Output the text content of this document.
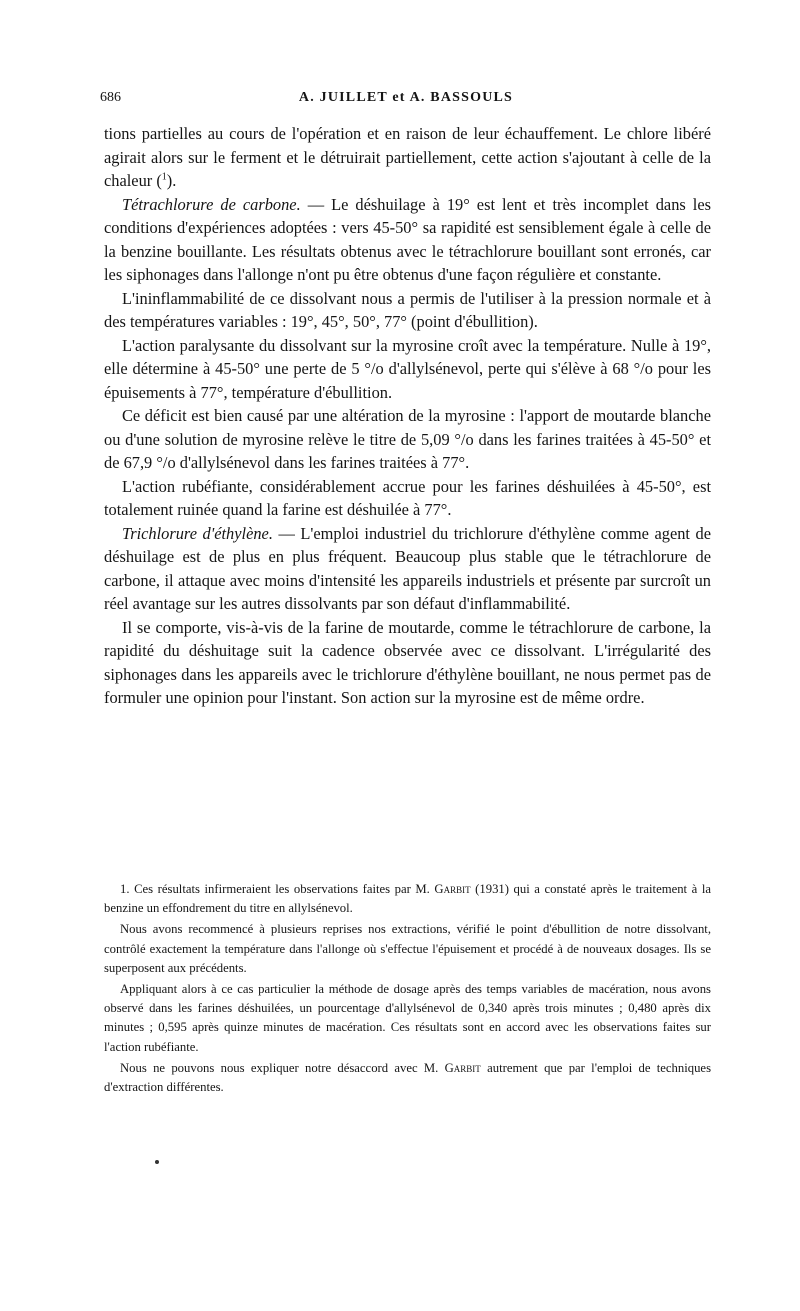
686	A. JUILLET et A. BASSOULS

tions partielles au cours de l'opération et en raison de leur échauffement. Le chlore libéré agirait alors sur le ferment et le détruirait partiellement, cette action s'ajoutant à celle de la chaleur ($^1$).

Tétrachlorure de carbone. — Le déshuilage à 19° est lent et très incomplet dans les conditions d'expériences adoptées : vers 45-50° sa rapidité est sensiblement égale à celle de la benzine bouillante. Les résultats obtenus avec le tétrachlorure bouillant sont erronés, car les siphonages dans l'allonge n'ont pu être obtenus d'une façon régulière et constante.

L'ininflammabilité de ce dissolvant nous a permis de l'utiliser à la pression normale et à des températures variables : 19°, 45°, 50°, 77° (point d'ébullition).

L'action paralysante du dissolvant sur la myrosine croît avec la température. Nulle à 19°, elle détermine à 45-50° une perte de 5 °/o d'allylsénevol, perte qui s'élève à 68 °/o pour les épuisements à 77°, température d'ébullition.

Ce déficit est bien causé par une altération de la myrosine : l'apport de moutarde blanche ou d'une solution de myrosine relève le titre de 5,09 °/o dans les farines traitées à 45-50° et de 67,9 °/o d'allylsénevol dans les farines traitées à 77°.

L'action rubéfiante, considérablement accrue pour les farines déshuilées à 45-50°, est totalement ruinée quand la farine est déshuilée à 77°.

Trichlorure d'éthylène. — L'emploi industriel du trichlorure d'éthylène comme agent de déshuilage est de plus en plus fréquent. Beaucoup plus stable que le tétrachlorure de carbone, il attaque avec moins d'intensité les appareils industriels et présente par surcroît un réel avantage sur les autres dissolvants par son défaut d'inflammabilité.

Il se comporte, vis-à-vis de la farine de moutarde, comme le tétrachlorure de carbone, la rapidité du déshuitage suit la cadence observée avec ce dissolvant. L'irrégularité des siphonages dans les appareils avec le trichlorure d'éthylène bouillant, ne nous permet pas de formuler une opinion pour l'instant. Son action sur la myrosine est de même ordre.

1. Ces résultats infirmeraient les observations faites par M. Garbit (1931) qui a constaté après le traitement à la benzine un effondrement du titre en allylsénevol.

Nous avons recommencé à plusieurs reprises nos extractions, vérifié le point d'ébullition de notre dissolvant, contrôlé exactement la température dans l'allonge où s'effectue l'épuisement et procédé à de nouveaux dosages. Ils se superposent aux précédents.

Appliquant alors à ce cas particulier la méthode de dosage après des temps variables de macération, nous avons observé dans les farines déshuilées, un pourcentage d'allylsénevol de 0,340 après trois minutes ; 0,480 après dix minutes ; 0,595 après quinze minutes de macération. Ces résultats sont en accord avec les observations faites sur l'action rubéfiante.

Nous ne pouvons nous expliquer notre désaccord avec M. Garbit autrement que par l'emploi de techniques d'extraction différentes.
